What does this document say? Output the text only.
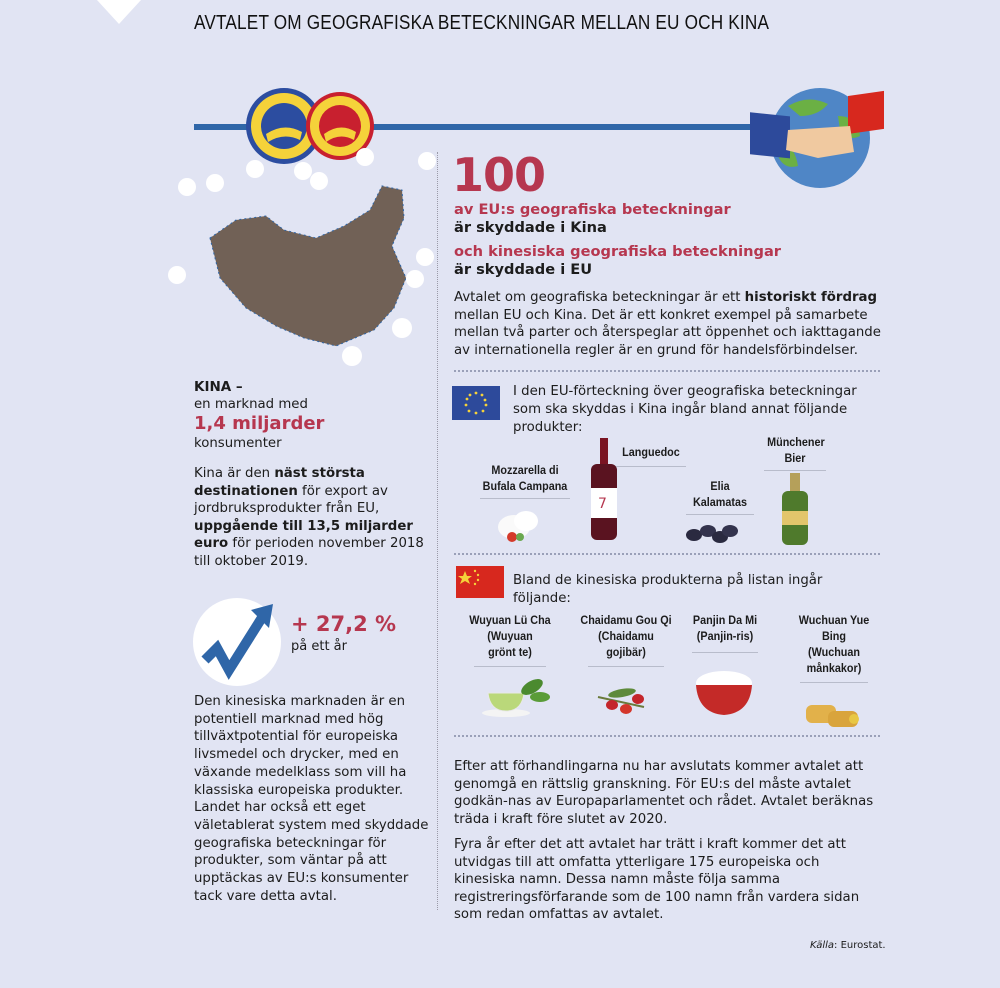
AVTALET OM GEOGRAFISKA BETECKNINGAR MELLAN EU OCH KINA
100
av EU:s geografiska beteckningar
är skyddade i Kina
och kinesiska geografiska beteckningar
är skyddade i EU
Avtalet om geografiska beteckningar är ett historiskt fördrag mellan EU och Kina. Det är ett konkret exempel på samarbete mellan två parter och återspeglar att öppenhet och iakttagande av internationella regler är en grund för handelsförbindelser.
KINA –
en marknad med
1,4 miljarder
konsumenter
Kina är den näst största destinationen för export av jordbruksprodukter från EU, uppgående till 13,5 miljarder euro för perioden november 2018 till oktober 2019.
+ 27,2 %
på ett år
Den kinesiska marknaden är en potentiell marknad med hög tillväxtpotential för europeiska livsmedel och drycker, med en växande medelklass som vill ha klassiska europeiska produkter. Landet har också ett eget väletablerat system med skyddade geografiska beteckningar för produkter, som väntar på att upptäckas av EU:s konsumenter tack vare detta avtal.
I den EU-förteckning över geografiska beteckningar som ska skyddas i Kina ingår bland annat följande produkter:
Mozzarella di Bufala Campana
7
Languedoc
Elia Kalamatas
Münchener Bier
Bland de kinesiska produkterna på listan ingår följande:
Wuyuan Lü Cha
(Wuyuan grönt te)
Chaidamu Gou Qi
(Chaidamu gojibär)
Panjin Da Mi
(Panjin-ris)
Wuchuan Yue Bing
(Wuchuan månkakor)
Efter att förhandlingarna nu har avslutats kommer avtalet att genomgå en rättslig granskning. För EU:s del måste avtalet godkän-nas av Europaparlamentet och rådet. Avtalet beräknas träda i kraft före slutet av 2020.
Fyra år efter det att avtalet har trätt i kraft kommer det att utvidgas till att omfatta ytterligare 175 europeiska och kinesiska namn. Dessa namn måste följa samma registreringsförfarande som de 100 namn från vardera sidan som redan omfattas av avtalet.
Källa: Eurostat.
